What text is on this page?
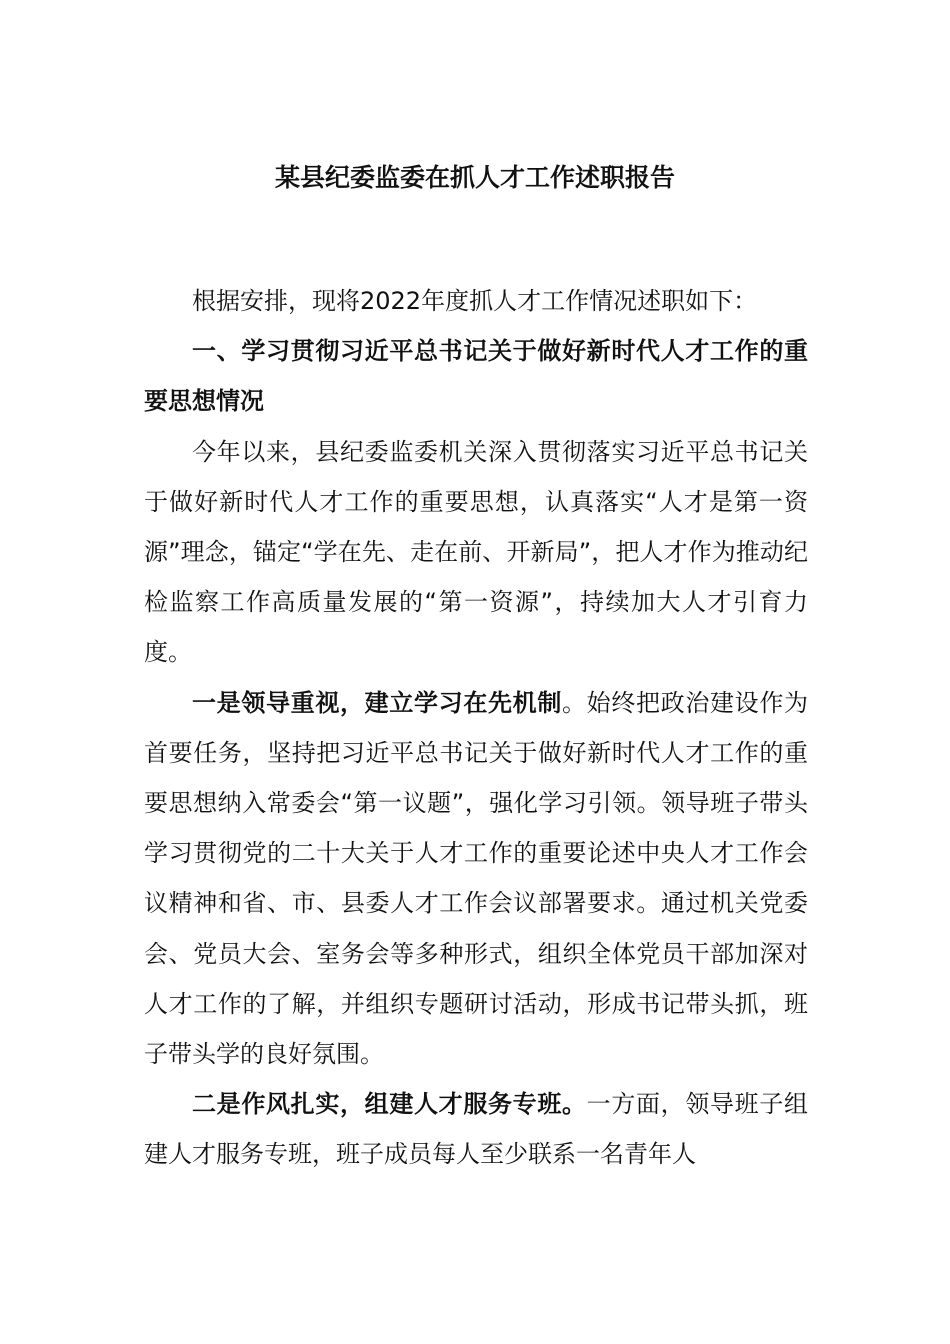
某县纪委监委在抓人才工作述职报告

根据安排，现将2022年度抓人才工作情况述职如下：

一、学习贯彻习近平总书记关于做好新时代人才工作的重要思想情况

今年以来，县纪委监委机关深入贯彻落实习近平总书记关于做好新时代人才工作的重要思想，认真落实“人才是第一资源”理念，锚定“学在先、走在前、开新局”，把人才作为推动纪检监察工作高质量发展的“第一资源”，持续加大人才引育力度。

一是领导重视，建立学习在先机制。始终把政治建设作为首要任务，坚持把习近平总书记关于做好新时代人才工作的重要思想纳入常委会“第一议题”，强化学习引领。领导班子带头学习贯彻党的二十大关于人才工作的重要论述中央人才工作会议精神和省、市、县委人才工作会议部署要求。通过机关党委会、党员大会、室务会等多种形式，组织全体党员干部加深对人才工作的了解，并组织专题研讨活动，形成书记带头抓，班子带头学的良好氛围。

二是作风扎实，组建人才服务专班。一方面，领导班子组建人才服务专班，班子成员每人至少联系一名青年人
